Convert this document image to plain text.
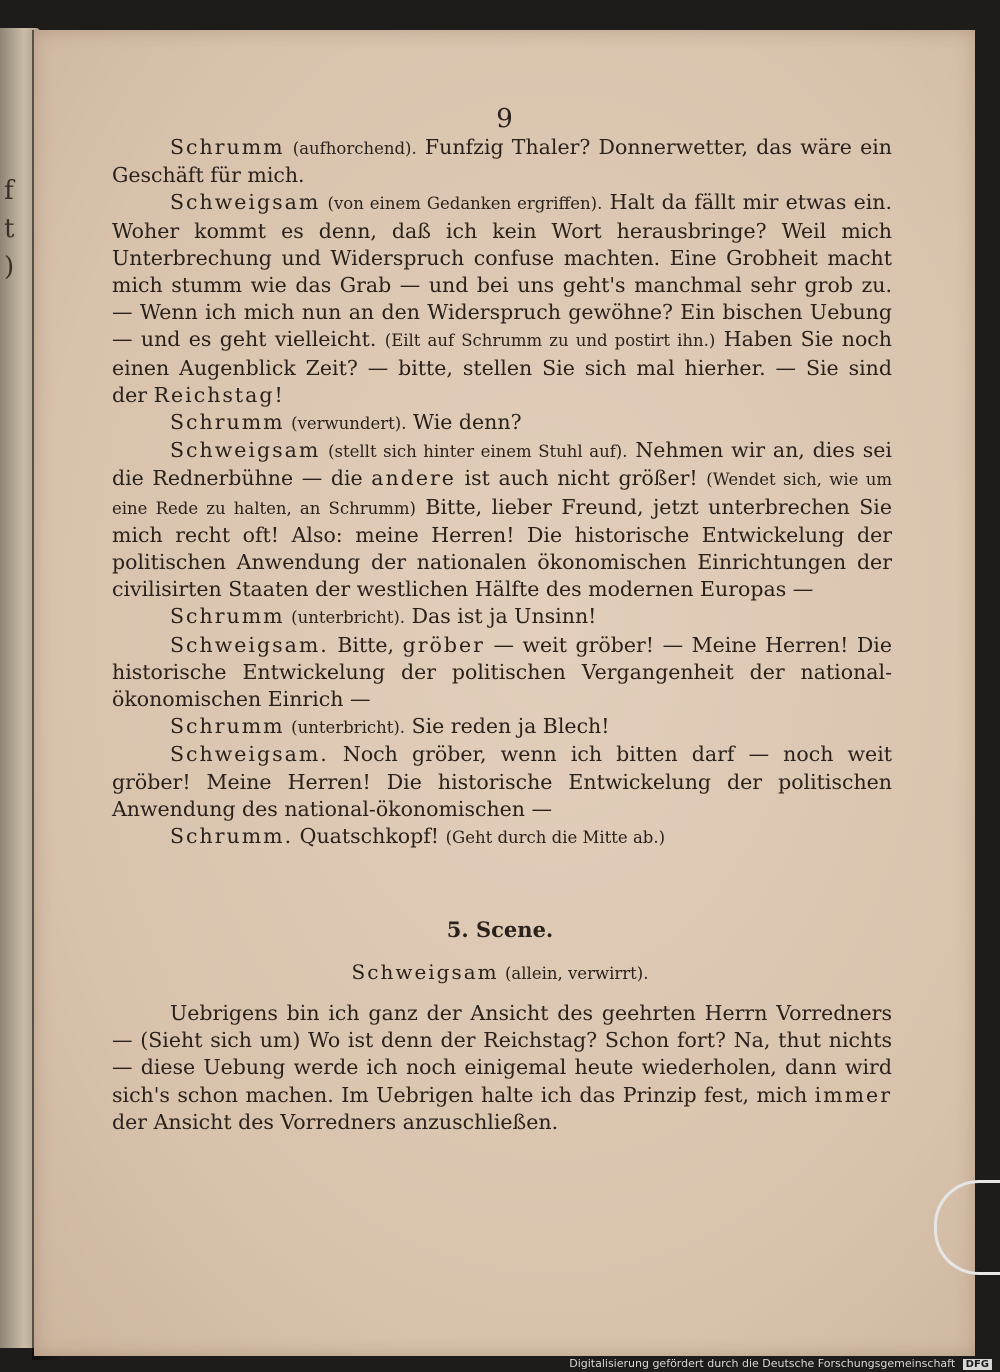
f
t
)
9

Schrumm (aufhorchend). Funfzig Thaler? Donnerwetter, das wäre ein Geschäft für mich.

Schweigsam (von einem Gedanken ergriffen). Halt da fällt mir etwas ein. Woher kommt es denn, daß ich kein Wort herausbringe? Weil mich Unterbrechung und Widerspruch confuse machten. Eine Grobheit macht mich stumm wie das Grab — und bei uns geht's manchmal sehr grob zu. — Wenn ich mich nun an den Widerspruch gewöhne? Ein bischen Uebung — und es geht vielleicht. (Eilt auf Schrumm zu und postirt ihn.) Haben Sie noch einen Augenblick Zeit? — bitte, stellen Sie sich mal hierher. — Sie sind der Reichstag!

Schrumm (verwundert). Wie denn?

Schweigsam (stellt sich hinter einem Stuhl auf). Nehmen wir an, dies sei die Rednerbühne — die andere ist auch nicht größer! (Wendet sich, wie um eine Rede zu halten, an Schrumm) Bitte, lieber Freund, jetzt unterbrechen Sie mich recht oft! Also: meine Herren! Die historische Entwickelung der politischen Anwendung der nationalen ökonomischen Einrichtungen der civilisirten Staaten der westlichen Hälfte des modernen Europas —

Schrumm (unterbricht). Das ist ja Unsinn!

Schweigsam. Bitte, gröber — weit gröber! — Meine Herren! Die historische Entwickelung der politischen Vergangenheit der national-ökonomischen Einrich —

Schrumm (unterbricht). Sie reden ja Blech!

Schweigsam. Noch gröber, wenn ich bitten darf — noch weit gröber! Meine Herren! Die historische Entwickelung der politischen Anwendung des national-ökonomischen —

Schrumm. Quatschkopf! (Geht durch die Mitte ab.)

5. Scene.
Schweigsam (allein, verwirrt).

Uebrigens bin ich ganz der Ansicht des geehrten Herrn Vorredners — (Sieht sich um) Wo ist denn der Reichstag? Schon fort? Na, thut nichts — diese Uebung werde ich noch einigemal heute wiederholen, dann wird sich's schon machen. Im Uebrigen halte ich das Prinzip fest, mich immer der Ansicht des Vorredners anzuschließen.

Digitalisierung gefördert durch die Deutsche Forschungsgemeinschaft DFG
